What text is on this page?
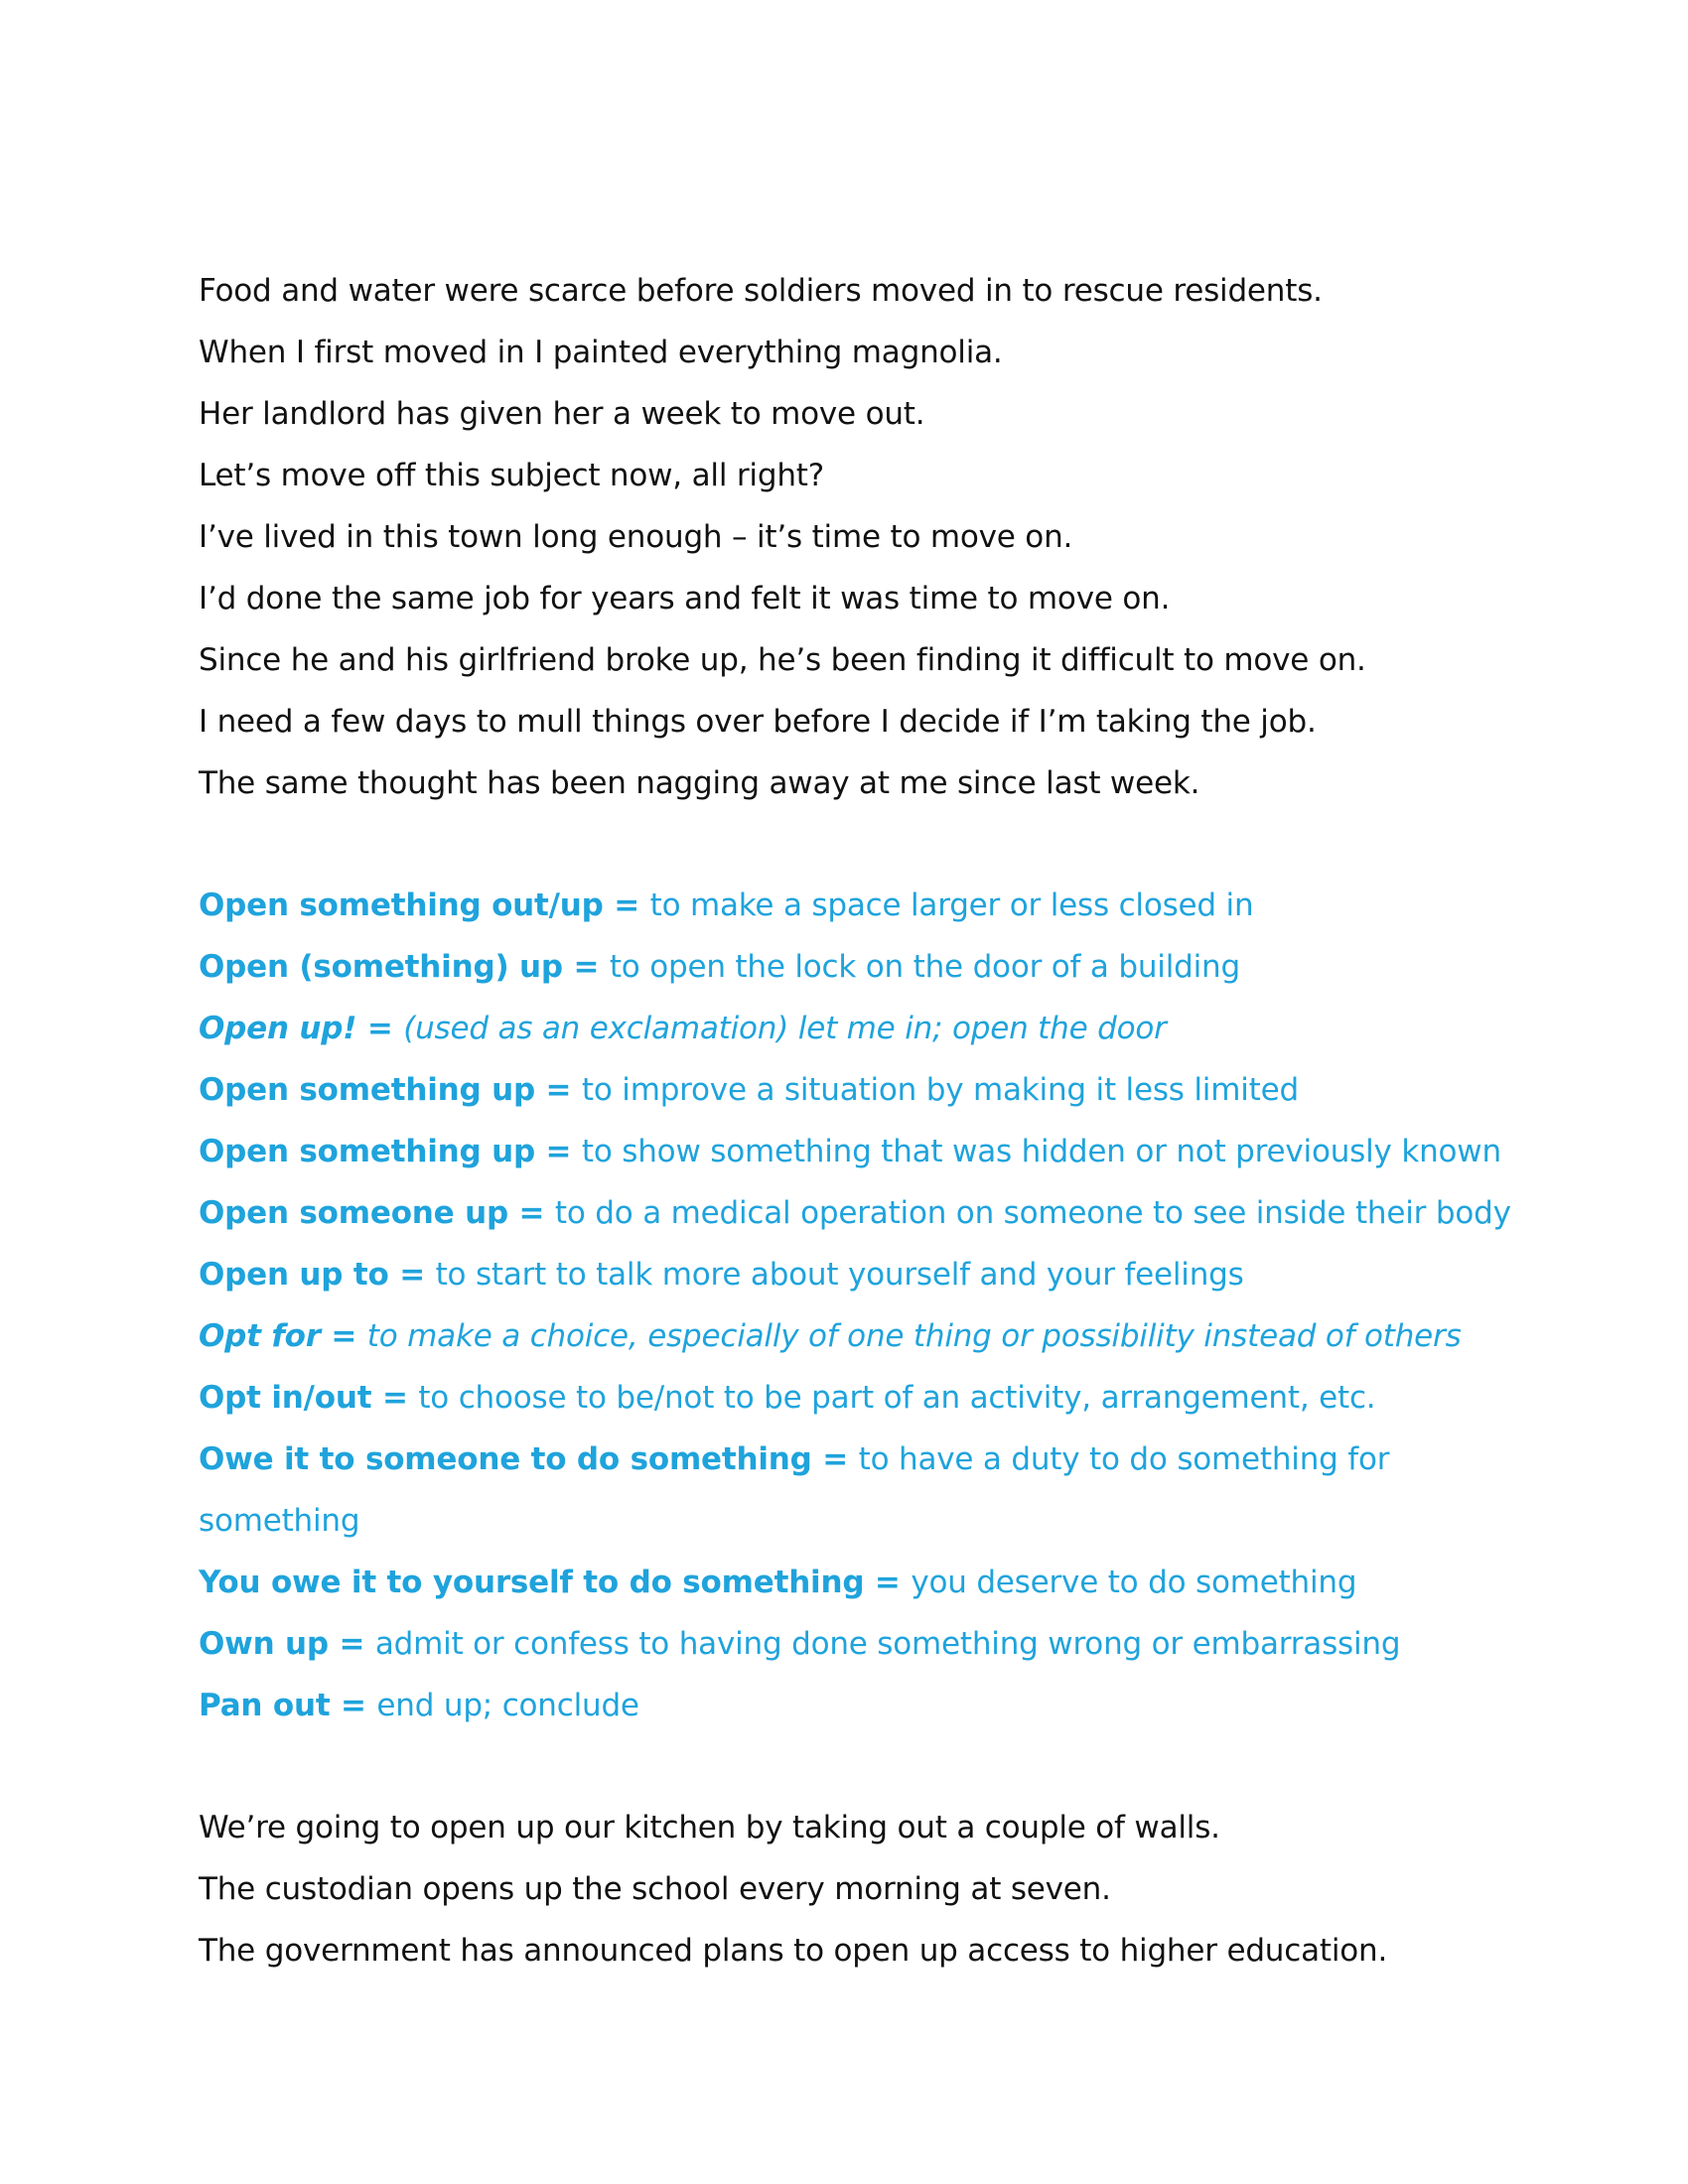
Food and water were scarce before soldiers moved in to rescue residents.
When I first moved in I painted everything magnolia.
Her landlord has given her a week to move out.
Let’s move off this subject now, all right?
I’ve lived in this town long enough – it’s time to move on.
I’d done the same job for years and felt it was time to move on.
Since he and his girlfriend broke up, he’s been finding it difficult to move on.
I need a few days to mull things over before I decide if I’m taking the job.
The same thought has been nagging away at me since last week.
Open something out/up = to make a space larger or less closed in
Open (something) up = to open the lock on the door of a building
Open up! = (used as an exclamation) let me in; open the door
Open something up = to improve a situation by making it less limited
Open something up = to show something that was hidden or not previously known
Open someone up = to do a medical operation on someone to see inside their body
Open up to = to start to talk more about yourself and your feelings
Opt for = to make a choice, especially of one thing or possibility instead of others
Opt in/out = to choose to be/not to be part of an activity, arrangement, etc.
Owe it to someone to do something = to have a duty to do something for
something
You owe it to yourself to do something = you deserve to do something
Own up = admit or confess to having done something wrong or embarrassing
Pan out = end up; conclude
We’re going to open up our kitchen by taking out a couple of walls.
The custodian opens up the school every morning at seven.
The government has announced plans to open up access to higher education.
